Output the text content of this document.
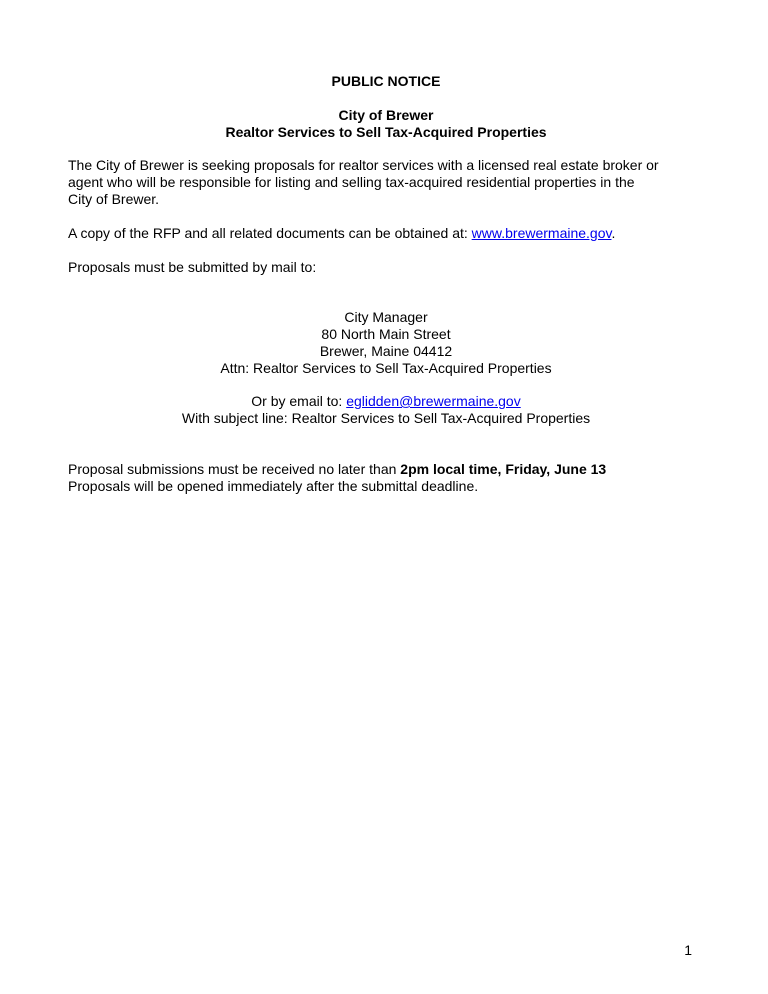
PUBLIC NOTICE
City of Brewer
Realtor Services to Sell Tax-Acquired Properties
The City of Brewer is seeking proposals for realtor services with a licensed real estate broker or
agent who will be responsible for listing and selling tax-acquired residential properties in the
City of Brewer.
A copy of the RFP and all related documents can be obtained at: www.brewermaine.gov.
Proposals must be submitted by mail to:
City Manager
80 North Main Street
Brewer, Maine 04412
Attn: Realtor Services to Sell Tax-Acquired Properties
Or by email to: eglidden@brewermaine.gov
With subject line: Realtor Services to Sell Tax-Acquired Properties
Proposal submissions must be received no later than 2pm local time, Friday, June 13
Proposals will be opened immediately after the submittal deadline.
1
